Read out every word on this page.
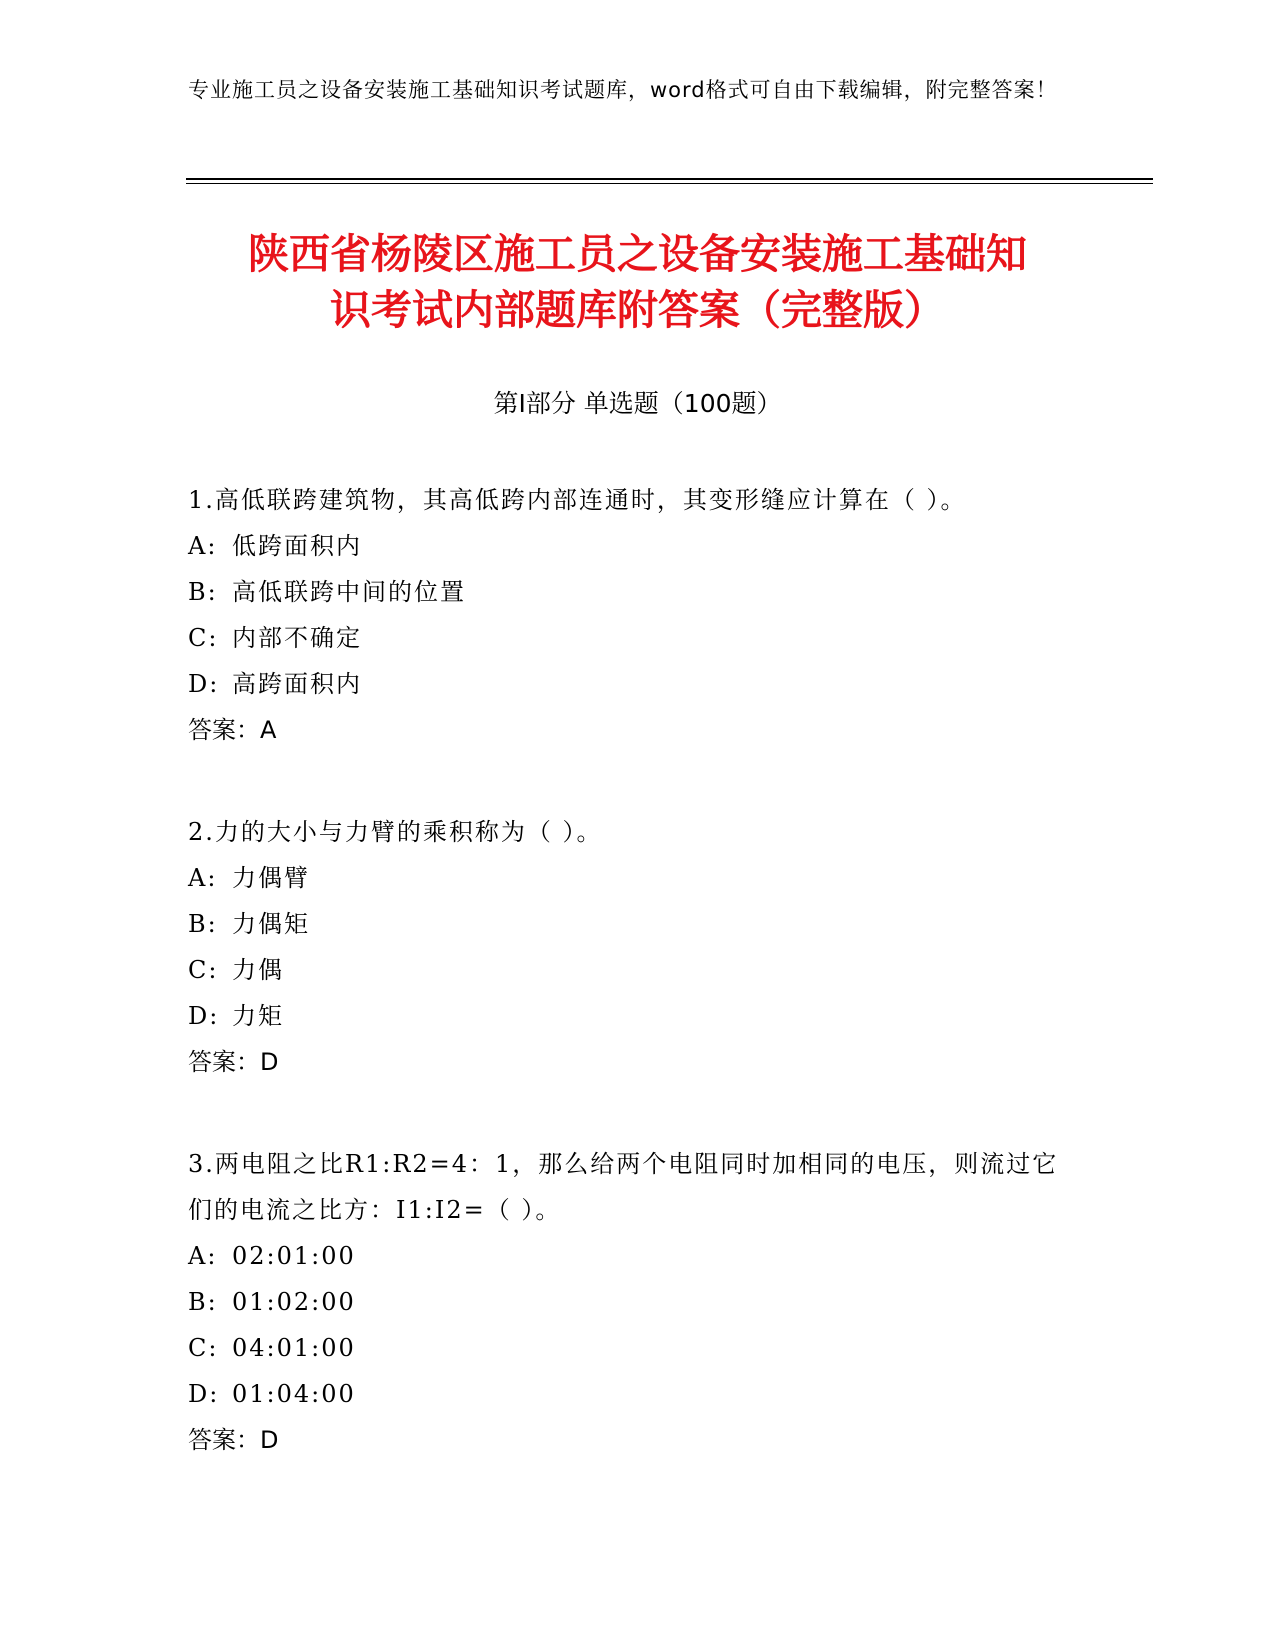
专业施工员之设备安装施工基础知识考试题库，word格式可自由下载编辑，附完整答案！
陕西省杨陵区施工员之设备安装施工基础知
识考试内部题库附答案（完整版）
第I部分 单选题（100题）

1.高低联跨建筑物，其高低跨内部连通时，其变形缝应计算在（ ）。

A: 低跨面积内

B: 高低联跨中间的位置

C: 内部不确定

D: 高跨面积内

答案：A

2.力的大小与力臂的乘积称为（ ）。

A: 力偶臂

B: 力偶矩

C: 力偶

D: 力矩

答案：D

3.两电阻之比R1:R2=4：1，那么给两个电阻同时加相同的电压，则流过它们的电流之比方：I1:I2=（ ）。

A: 02:01:00

B: 01:02:00

C: 04:01:00

D: 01:04:00

答案：D
